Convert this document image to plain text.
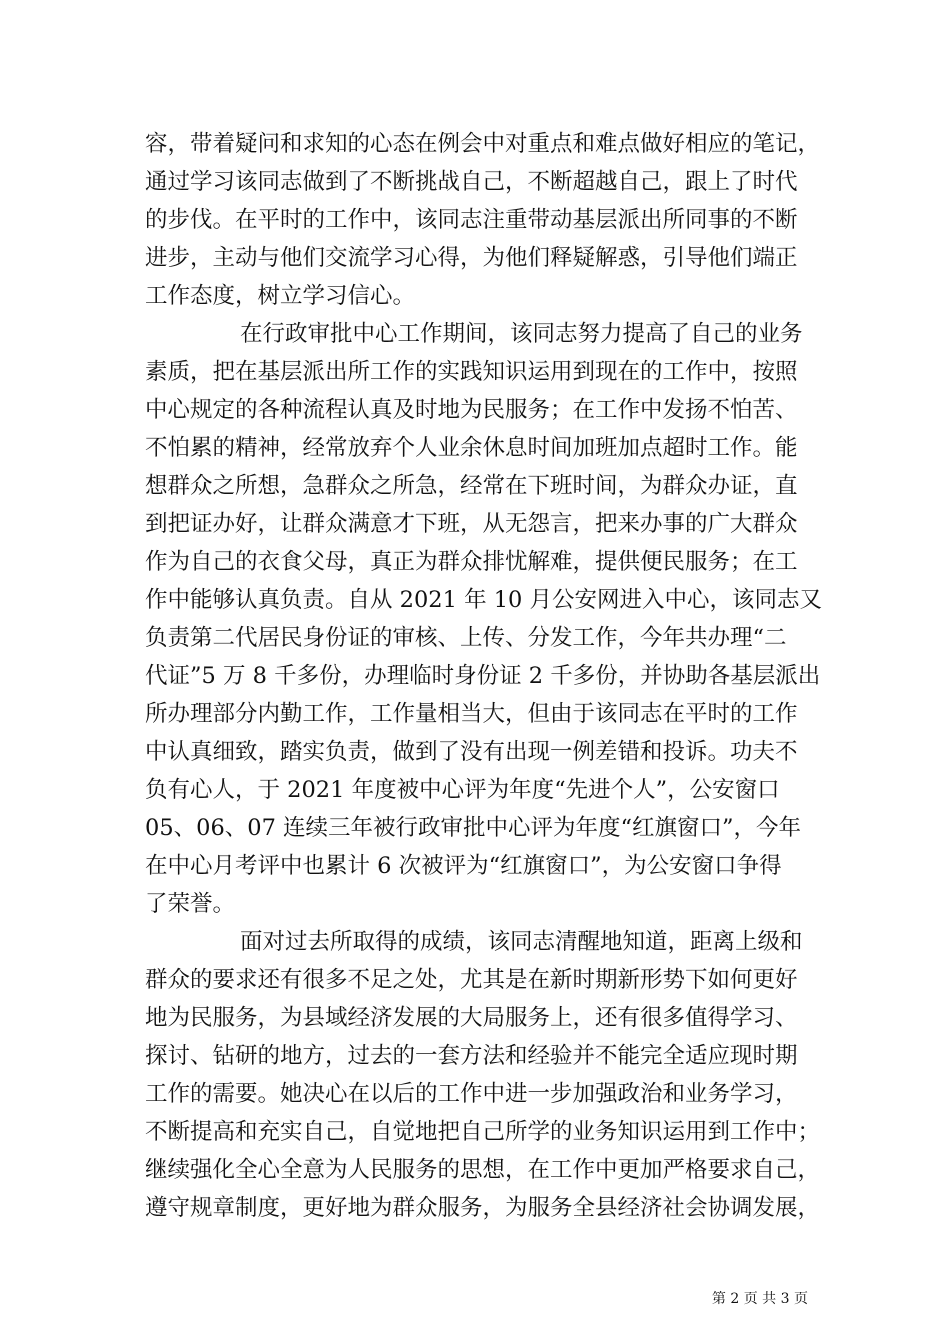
容，带着疑问和求知的心态在例会中对重点和难点做好相应的笔记，
通过学习该同志做到了不断挑战自己，不断超越自己，跟上了时代
的步伐。在平时的工作中，该同志注重带动基层派出所同事的不断
进步，主动与他们交流学习心得，为他们释疑解惑，引导他们端正
工作态度，树立学习信心。
在行政审批中心工作期间，该同志努力提高了自己的业务
素质，把在基层派出所工作的实践知识运用到现在的工作中，按照
中心规定的各种流程认真及时地为民服务；在工作中发扬不怕苦、
不怕累的精神，经常放弃个人业余休息时间加班加点超时工作。能
想群众之所想，急群众之所急，经常在下班时间，为群众办证，直
到把证办好，让群众满意才下班，从无怨言，把来办事的广大群众
作为自己的衣食父母，真正为群众排忧解难，提供便民服务；在工
作中能够认真负责。自从 2021 年 10 月公安网进入中心，该同志又
负责第二代居民身份证的审核、上传、分发工作，今年共办理“二
代证”5 万 8 千多份，办理临时身份证 2 千多份，并协助各基层派出
所办理部分内勤工作，工作量相当大，但由于该同志在平时的工作
中认真细致，踏实负责，做到了没有出现一例差错和投诉。功夫不
负有心人，于 2021 年度被中心评为年度“先进个人”，公安窗口
05、06、07 连续三年被行政审批中心评为年度“红旗窗口”，今年
在中心月考评中也累计 6 次被评为“红旗窗口”，为公安窗口争得
了荣誉。
面对过去所取得的成绩，该同志清醒地知道，距离上级和
群众的要求还有很多不足之处，尤其是在新时期新形势下如何更好
地为民服务，为县域经济发展的大局服务上，还有很多值得学习、
探讨、钻研的地方，过去的一套方法和经验并不能完全适应现时期
工作的需要。她决心在以后的工作中进一步加强政治和业务学习，
不断提高和充实自己，自觉地把自己所学的业务知识运用到工作中；
继续强化全心全意为人民服务的思想，在工作中更加严格要求自己，
遵守规章制度，更好地为群众服务，为服务全县经济社会协调发展，
第 2 页 共 3 页
